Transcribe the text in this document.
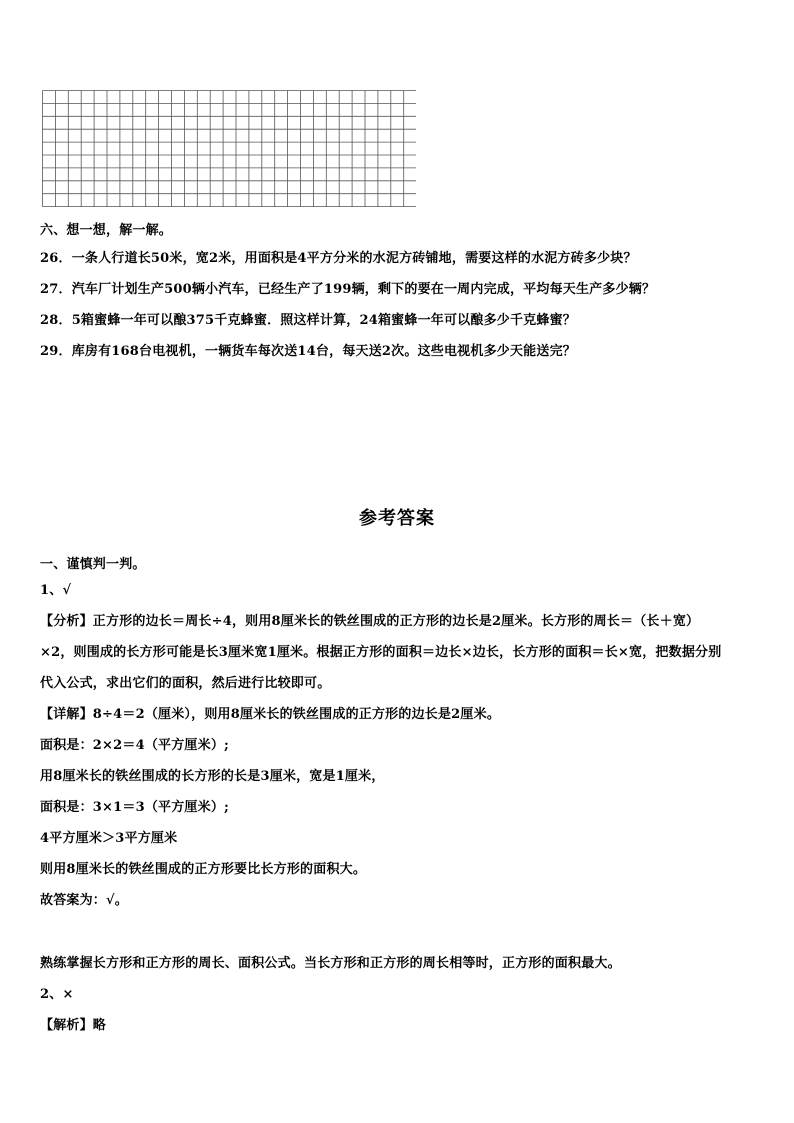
六、想一想，解一解。
26．一条人行道长50米，宽2米，用面积是4平方分米的水泥方砖铺地，需要这样的水泥方砖多少块？
27．汽车厂计划生产500辆小汽车，已经生产了199辆，剩下的要在一周内完成，平均每天生产多少辆？
28．5箱蜜蜂一年可以酿375千克蜂蜜．照这样计算，24箱蜜蜂一年可以酿多少千克蜂蜜？
29．库房有168台电视机，一辆货车每次送14台，每天送2次。这些电视机多少天能送完？
参考答案
一、谨慎判一判。
1、√
【分析】正方形的边长＝周长÷4，则用8厘米长的铁丝围成的正方形的边长是2厘米。长方形的周长＝（长＋宽）
×2，则围成的长方形可能是长3厘米宽1厘米。根据正方形的面积＝边长×边长，长方形的面积＝长×宽，把数据分别
代入公式，求出它们的面积，然后进行比较即可。
【详解】8÷4＝2（厘米），则用8厘米长的铁丝围成的正方形的边长是2厘米。
面积是：2×2＝4（平方厘米）;
用8厘米长的铁丝围成的长方形的长是3厘米，宽是1厘米，
面积是：3×1＝3（平方厘米）;
4平方厘米＞3平方厘米
则用8厘米长的铁丝围成的正方形要比长方形的面积大。
故答案为：√。
熟练掌握长方形和正方形的周长、面积公式。当长方形和正方形的周长相等时，正方形的面积最大。
2、×
【解析】略
